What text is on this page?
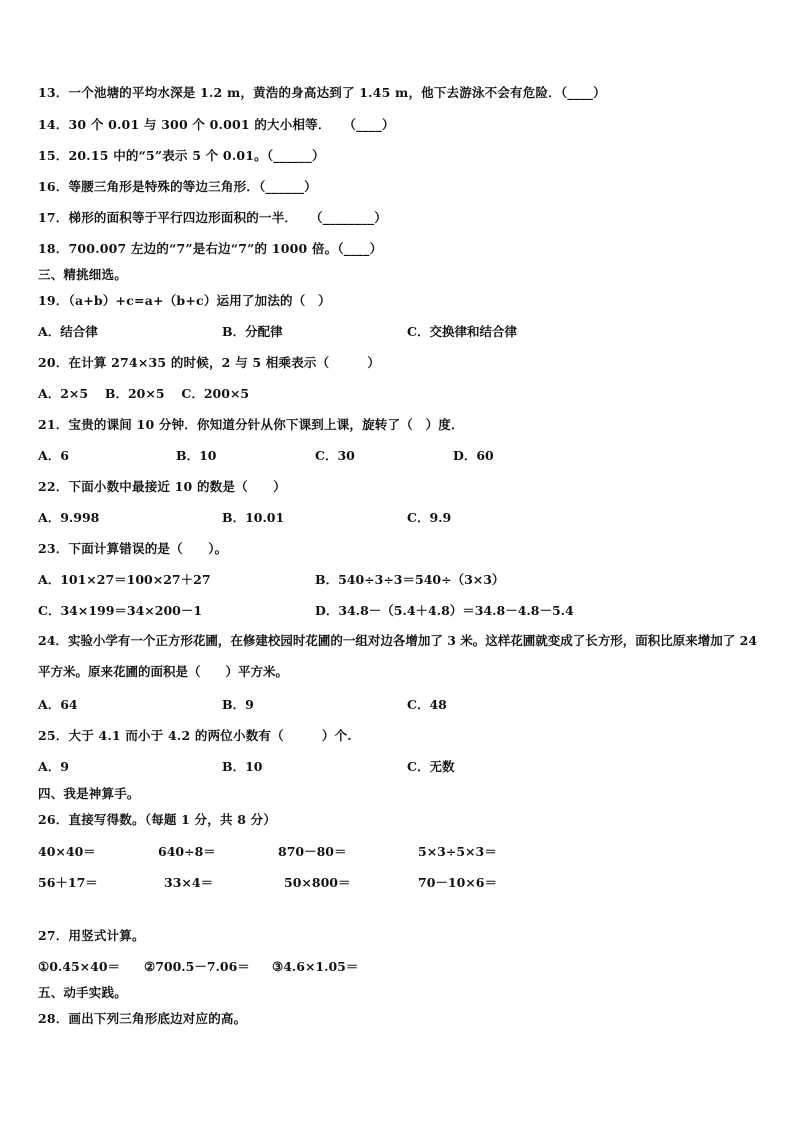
13．一个池塘的平均水深是 1.2 m，黄浩的身高达到了 1.45 m，他下去游泳不会有危险．（____）
14．30 个 0.01 与 300 个 0.001 的大小相等．　　（____）
15．20.15 中的“5”表示 5 个 0.01。（______）
16．等腰三角形是特殊的等边三角形．（______）
17．梯形的面积等于平行四边形面积的一半．　　（________）
18．700.007 左边的“7”是右边“7”的 1000 倍。（____）
三、精挑细选。
19．（a+b）+c=a+（b+c）运用了加法的（　）
A．结合律	B．分配律	C．交换律和结合律
20．在计算 274×35 的时候，2 与 5 相乘表示（　　　）
A．2×5　 B．20×5　 C．200×5
21．宝贵的课间 10 分钟．你知道分针从你下课到上课，旋转了（　）度．
A．6	B．10	C．30	D．60
22．下面小数中最接近 10 的数是（　　）
A．9.998	B．10.01	C．9.9
23．下面计算错误的是（　　）。
A．101×27＝100×27＋27	B．540÷3÷3＝540÷（3×3）
C．34×199＝34×200－1	D．34.8－（5.4＋4.8）＝34.8－4.8－5.4
24．实验小学有一个正方形花圃，在修建校园时花圃的一组对边各增加了 3 米。这样花圃就变成了长方形，面积比原来增加了 24 平方米。原来花圃的面积是（　　）平方米。
A．64	B．9	C．48
25．大于 4.1 而小于 4.2 的两位小数有（　　　）个.
A．9	B．10	C．无数
四、我是神算手。
26．直接写得数。（每题 1 分，共 8 分）
40×40＝	640÷8＝	870－80＝	5×3÷5×3＝
56＋17＝	33×4＝	50×800＝	70－10×6＝
27．用竖式计算。
①0.45×40＝ ②700.5－7.06＝ ③4.6×1.05＝
五、动手实践。
28．画出下列三角形底边对应的高。
